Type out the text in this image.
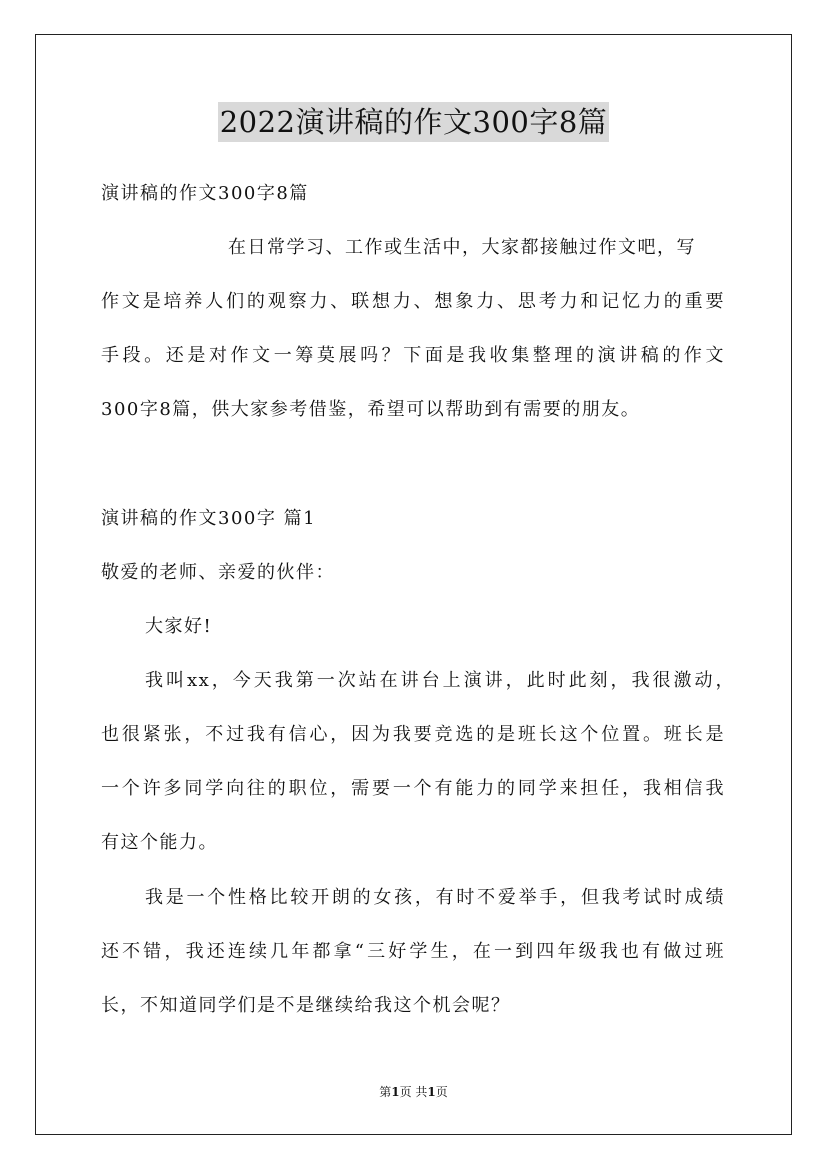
2022演讲稿的作文300字8篇
演讲稿的作文300字8篇
在日常学习、工作或生活中，大家都接触过作文吧，写
作文是培养人们的观察力、联想力、想象力、思考力和记忆力的重要
手段。还是对作文一筹莫展吗？下面是我收集整理的演讲稿的作文
300字8篇，供大家参考借鉴，希望可以帮助到有需要的朋友。
演讲稿的作文300字 篇1
敬爱的老师、亲爱的伙伴：
大家好!
我叫xx，今天我第一次站在讲台上演讲，此时此刻，我很激动，
也很紧张，不过我有信心，因为我要竞选的是班长这个位置。班长是
一个许多同学向往的职位，需要一个有能力的同学来担任，我相信我
有这个能力。
我是一个性格比较开朗的女孩，有时不爱举手，但我考试时成绩
还不错，我还连续几年都拿“三好学生，在一到四年级我也有做过班
长，不知道同学们是不是继续给我这个机会呢？
第1页 共1页
